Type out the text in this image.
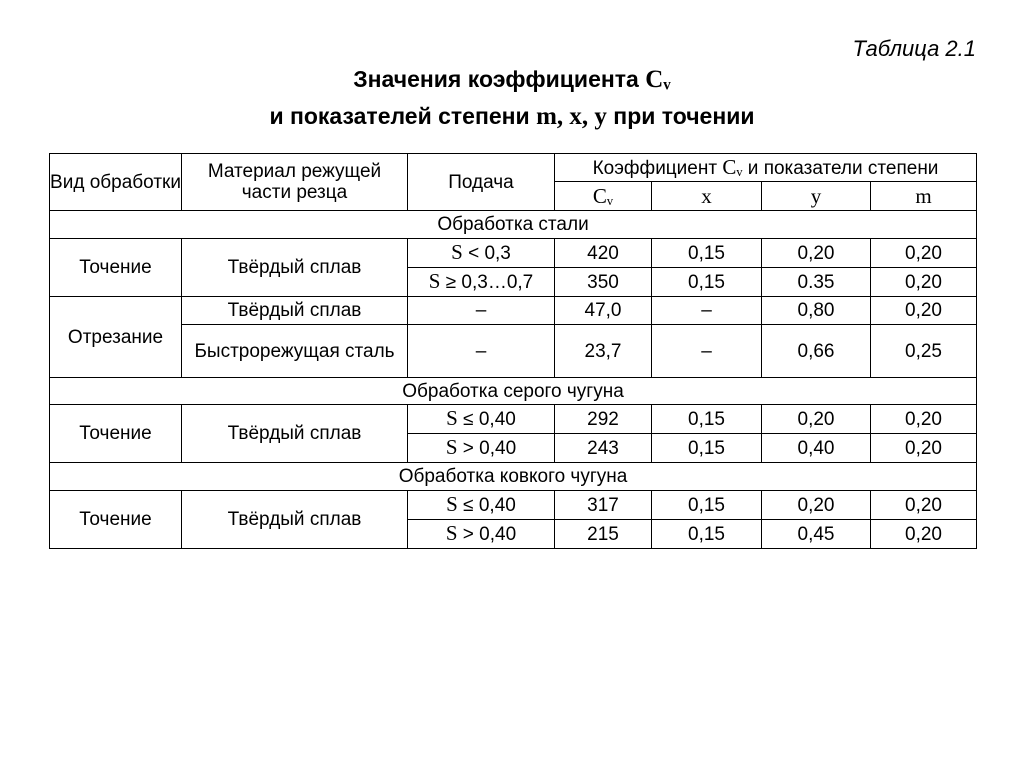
Таблица 2.1
Значения коэффициента Cᵥ
и показателей степени m, x, y при точении
Вид обработки	Материал режущей части резца	Подача	Коэффициент Cᵥ и показатели степени			
			Cᵥ	x	y	m
Обработка стали						
Точение	Твёрдый сплав	S < 0,3	420	0,15	0,20	0,20
		S ≥ 0,3…0,7	350	0,15	0.35	0,20
Отрезание	Твёрдый сплав	–	47,0	–	0,80	0,20
	Быстрорежущая сталь	–	23,7	–	0,66	0,25
Обработка серого чугуна						
Точение	Твёрдый сплав	S ≤ 0,40	292	0,15	0,20	0,20
		S > 0,40	243	0,15	0,40	0,20
Обработка ковкого чугуна						
Точение	Твёрдый сплав	S ≤ 0,40	317	0,15	0,20	0,20
		S > 0,40	215	0,15	0,45	0,20
